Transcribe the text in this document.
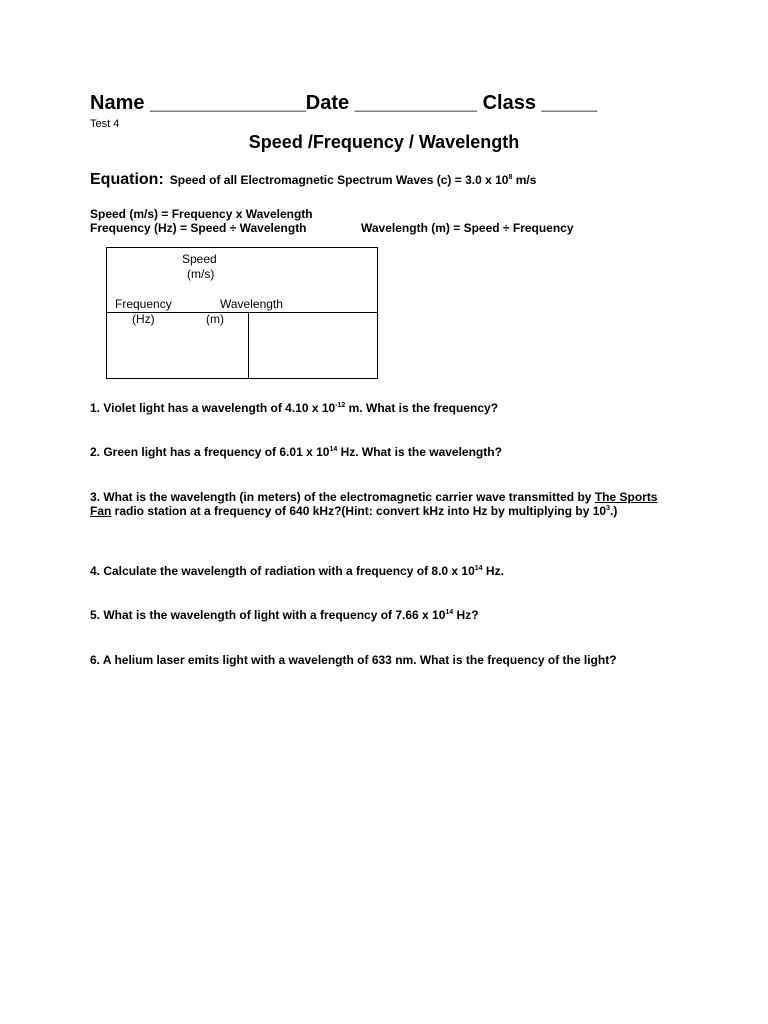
Name ______________Date ___________ Class _____
Test 4
Speed /Frequency / Wavelength
Equation: Speed of all Electromagnetic Spectrum Waves (c) = 3.0 x $10^8$ m/s
Speed (m/s) = Frequency x Wavelength
Frequency (Hz) = Speed ÷ Wavelength	Wavelength (m) = Speed ÷ Frequency
Speed
(m/s)
Frequency
(Hz)
Wavelength
(m)
1. Violet light has a wavelength of 4.10 x $10^{-12}$ m. What is the frequency?
2. Green light has a frequency of 6.01 x $10^{14}$ Hz. What is the wavelength?
3. What is the wavelength (in meters) of the electromagnetic carrier wave transmitted by The Sports Fan radio station at a frequency of 640 kHz?(Hint: convert kHz into Hz by multiplying by $10^3$.)
4. Calculate the wavelength of radiation with a frequency of 8.0 x $10^{14}$ Hz.
5. What is the wavelength of light with a frequency of 7.66 x $10^{14}$ Hz?
6. A helium laser emits light with a wavelength of 633 nm. What is the frequency of the light?
